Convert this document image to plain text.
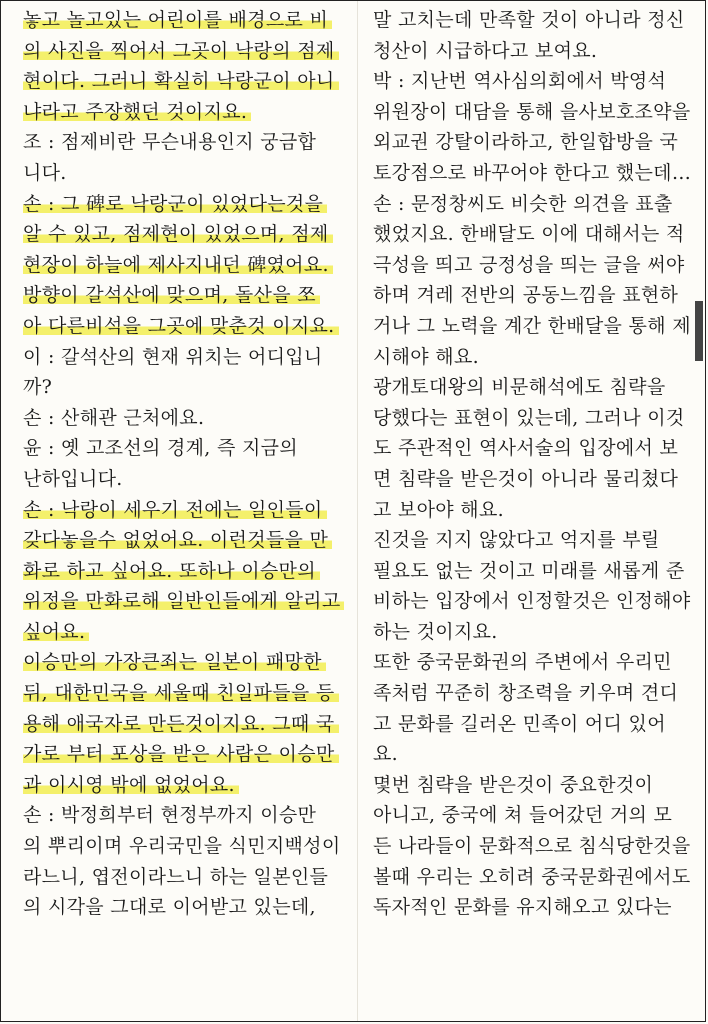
놓고 놀고있는 어린이를 배경으로 비
의 사진을 찍어서 그곳이 낙랑의 점제
현이다. 그러니 확실히 낙랑군이 아니
냐라고 주장했던 것이지요.
조 : 점제비란 무슨내용인지 궁금합
니다.
손 : 그 碑로 낙랑군이 있었다는것을
알 수 있고, 점제현이 있었으며, 점제
현장이 하늘에 제사지내던 碑였어요.
방향이 갈석산에 맞으며, 돌산을 쪼
아 다른비석을 그곳에 맞춘것 이지요.
이 : 갈석산의 현재 위치는 어디입니
까?
손 : 산해관 근처에요.
윤 : 옛 고조선의 경계, 즉 지금의
난하입니다.
손 : 낙랑이 세우기 전에는 일인들이
갖다놓을수 없었어요. 이런것들을 만
화로 하고 싶어요. 또하나 이승만의
위정을 만화로해 일반인들에게 알리고
싶어요.
이승만의 가장큰죄는 일본이 패망한
뒤, 대한민국을 세울때 친일파들을 등
용해 애국자로 만든것이지요. 그때 국
가로 부터 포상을 받은 사람은 이승만
과 이시영 밖에 없었어요.
손 : 박정희부터 현정부까지 이승만
의 뿌리이며 우리국민을 식민지백성이
라느니, 엽전이라느니 하는 일본인들
의 시각을 그대로 이어받고 있는데,
말 고치는데 만족할 것이 아니라 정신
청산이 시급하다고 보여요.
박 : 지난번 역사심의회에서 박영석
위원장이 대담을 통해 을사보호조약을
외교권 강탈이라하고, 한일합방을 국
토강점으로 바꾸어야 한다고 했는데…
손 : 문정창씨도 비슷한 의견을 표출
했었지요. 한배달도 이에 대해서는 적
극성을 띄고 긍정성을 띄는 글을 써야
하며 겨레 전반의 공동느낌을 표현하
거나 그 노력을 계간 한배달을 통해 제
시해야 해요.
광개토대왕의 비문해석에도 침략을
당했다는 표현이 있는데, 그러나 이것
도 주관적인 역사서술의 입장에서 보
면 침략을 받은것이 아니라 물리쳤다
고 보아야 해요.
진것을 지지 않았다고 억지를 부릴
필요도 없는 것이고 미래를 새롭게 준
비하는 입장에서 인정할것은 인정해야
하는 것이지요.
또한 중국문화권의 주변에서 우리민
족처럼 꾸준히 창조력을 키우며 견디
고 문화를 길러온 민족이 어디 있어
요.
몇번 침략을 받은것이 중요한것이
아니고, 중국에 쳐 들어갔던 거의 모
든 나라들이 문화적으로 침식당한것을
볼때 우리는 오히려 중국문화권에서도
독자적인 문화를 유지해오고 있다는
